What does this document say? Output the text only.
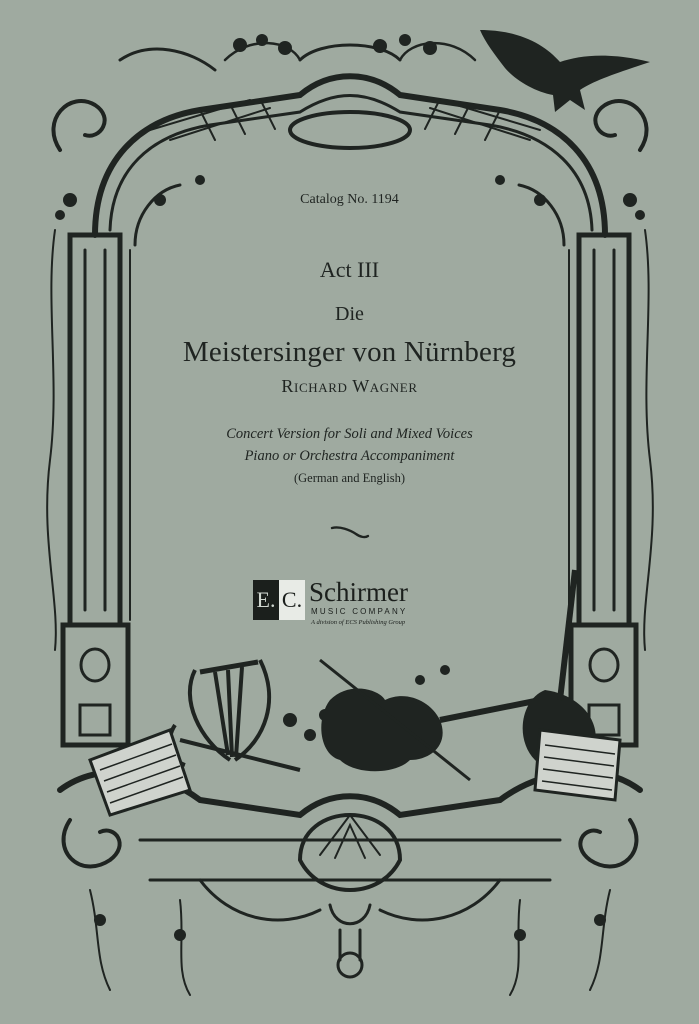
Catalog No. 1194
Act III
Die
Meistersinger von Nürnberg
Richard Wagner
Concert Version for Soli and Mixed Voices
Piano or Orchestra Accompaniment
(German and English)
E. C. Schirmer
MUSIC COMPANY
A division of ECS Publishing Group
